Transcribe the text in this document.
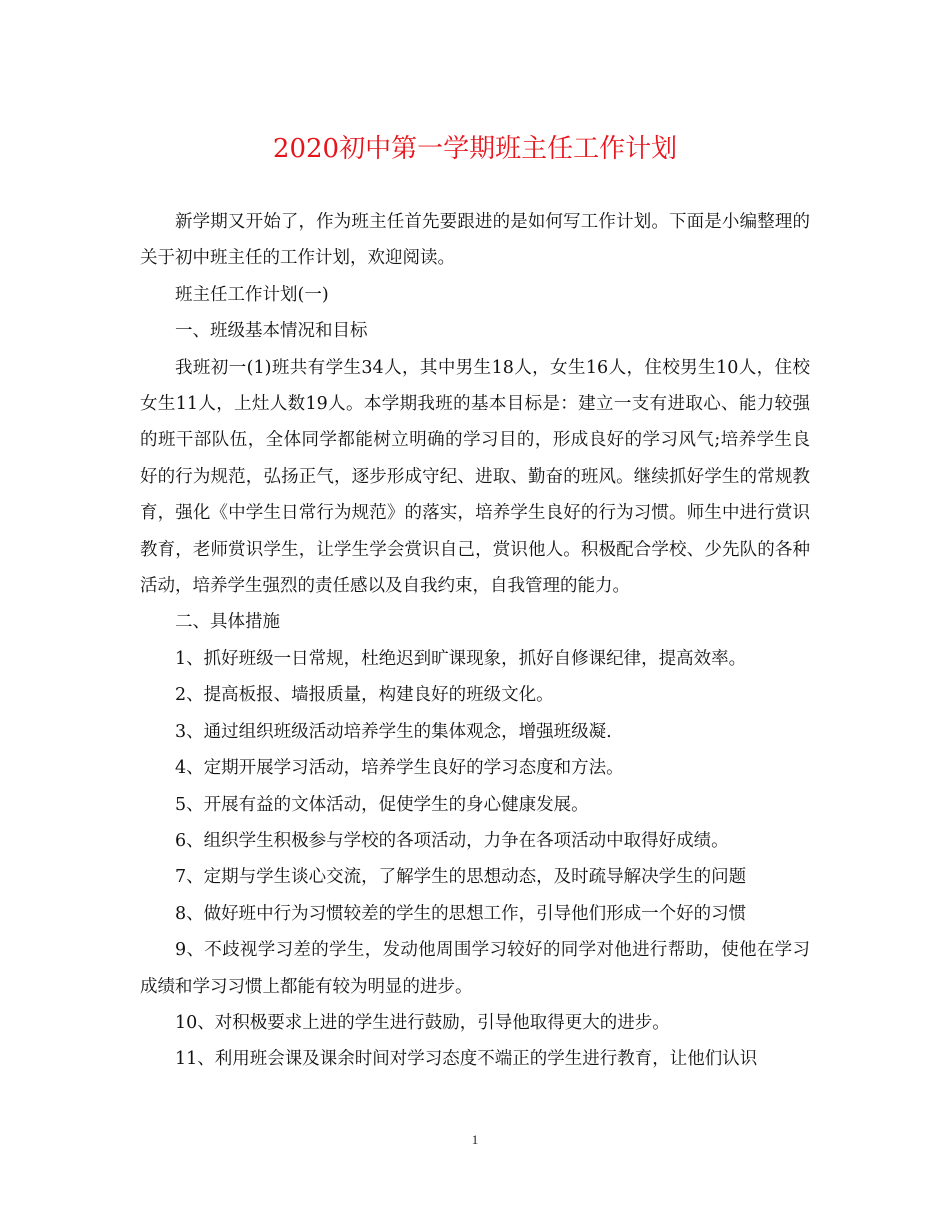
2020初中第一学期班主任工作计划

新学期又开始了，作为班主任首先要跟进的是如何写工作计划。下面是小编整理的关于初中班主任的工作计划，欢迎阅读。

班主任工作计划(一)

一、班级基本情况和目标

我班初一(1)班共有学生34人，其中男生18人，女生16人，住校男生10人，住校女生11人，上灶人数19人。本学期我班的基本目标是：建立一支有进取心、能力较强的班干部队伍，全体同学都能树立明确的学习目的，形成良好的学习风气;培养学生良好的行为规范，弘扬正气，逐步形成守纪、进取、勤奋的班风。继续抓好学生的常规教育，强化《中学生日常行为规范》的落实，培养学生良好的行为习惯。师生中进行赏识教育，老师赏识学生，让学生学会赏识自己，赏识他人。积极配合学校、少先队的各种活动，培养学生强烈的责任感以及自我约束，自我管理的能力。

二、具体措施

1、抓好班级一日常规，杜绝迟到旷课现象，抓好自修课纪律，提高效率。

2、提高板报、墙报质量，构建良好的班级文化。

3、通过组织班级活动培养学生的集体观念，增强班级凝.

4、定期开展学习活动，培养学生良好的学习态度和方法。

5、开展有益的文体活动，促使学生的身心健康发展。

6、组织学生积极参与学校的各项活动，力争在各项活动中取得好成绩。

7、定期与学生谈心交流，了解学生的思想动态，及时疏导解决学生的问题

8、做好班中行为习惯较差的学生的思想工作，引导他们形成一个好的习惯

9、不歧视学习差的学生，发动他周围学习较好的同学对他进行帮助，使他在学习成绩和学习习惯上都能有较为明显的进步。

10、对积极要求上进的学生进行鼓励，引导他取得更大的进步。

11、利用班会课及课余时间对学习态度不端正的学生进行教育，让他们认识

1
